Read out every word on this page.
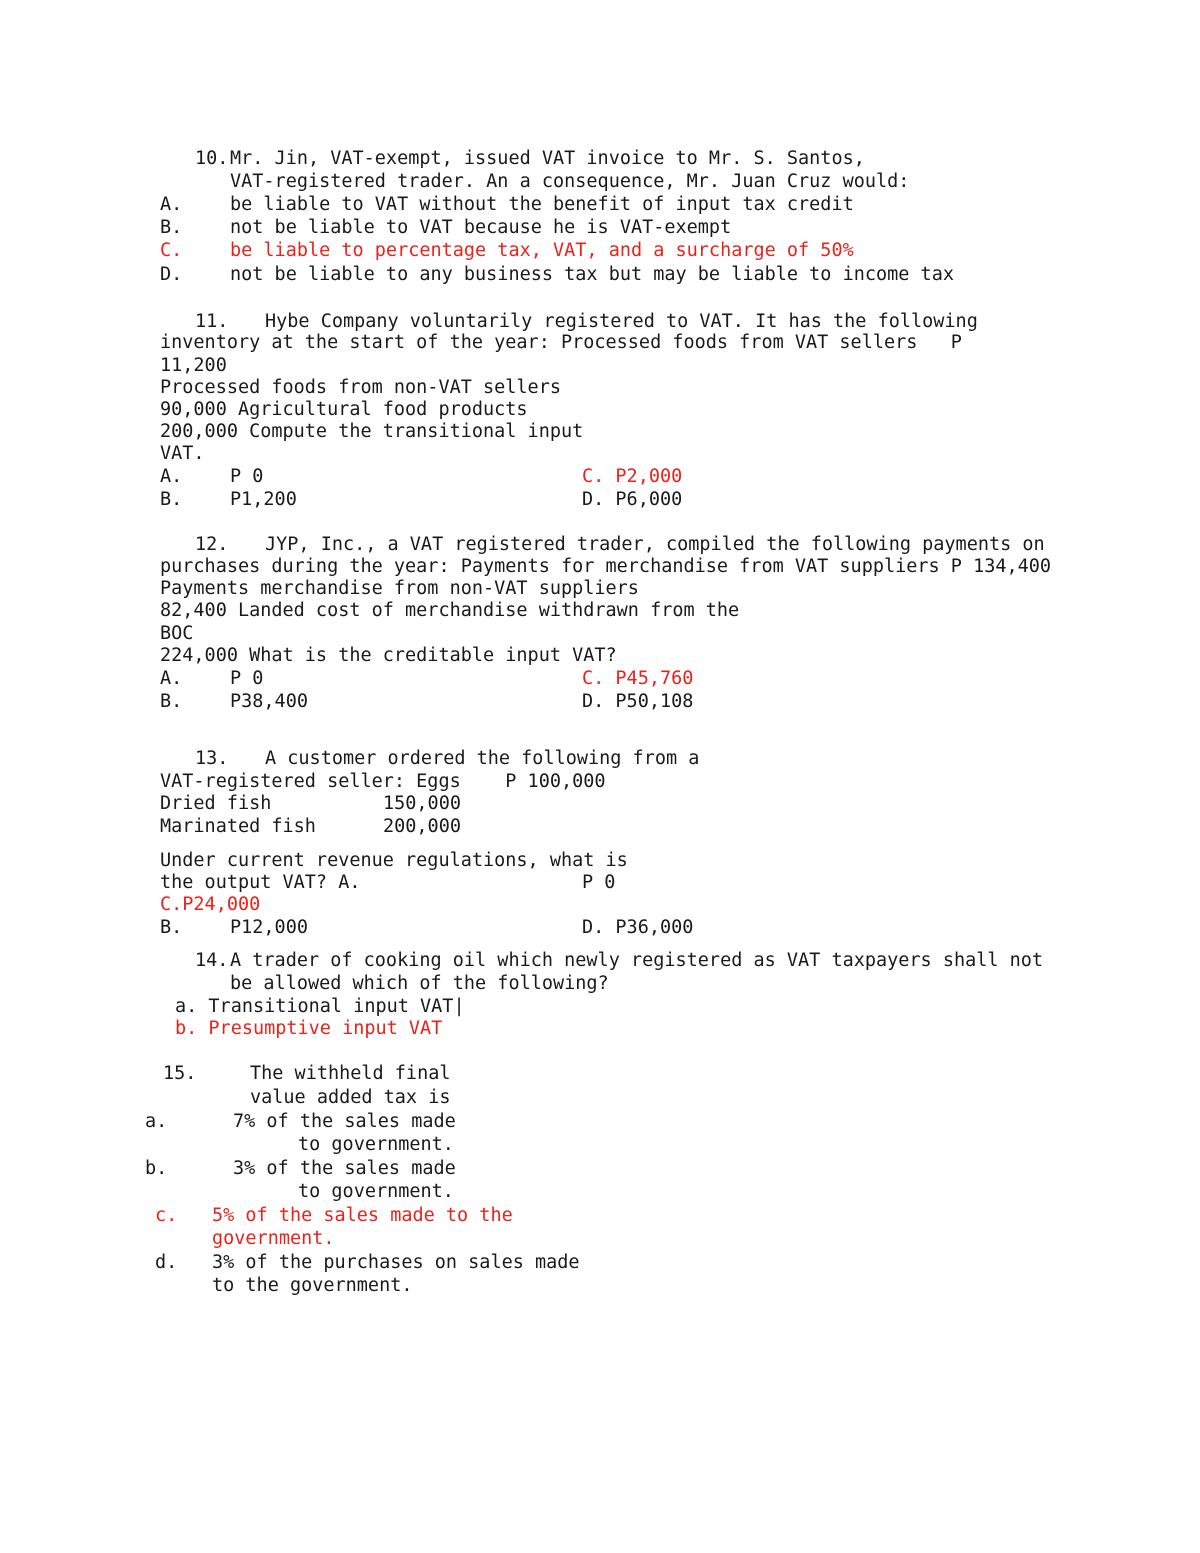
10. Mr. Jin, VAT-exempt, issued VAT invoice to Mr. S. Santos,
VAT-registered trader. An a consequence, Mr. Juan Cruz would:
A.	be liable to VAT without the benefit of input tax credit
B.	not be liable to VAT because he is VAT-exempt
C.	be liable to percentage tax, VAT, and a surcharge of 50%
D.	not be liable to any business tax but may be liable to income tax
11. Hybe Company voluntarily registered to VAT. It has the following
inventory at the start of the year: Processed foods from VAT sellers   P
11,200
Processed foods from non-VAT sellers
90,000 Agricultural food products
200,000 Compute the transitional input
VAT.
A.	P 0	C. P2,000
B.	P1,200	D. P6,000
12. JYP, Inc., a VAT registered trader, compiled the following payments on
purchases during the year: Payments for merchandise from VAT suppliers P 134,400
Payments merchandise from non-VAT suppliers
82,400 Landed cost of merchandise withdrawn from the
BOC
224,000 What is the creditable input VAT?
A.	P 0	C. P45,760
B.	P38,400	D. P50,108
13. A customer ordered the following from a
VAT-registered seller: Eggs    P 100,000
Dried fish	150,000
Marinated fish	200,000
Under current revenue regulations, what is
the output VAT? A.	P 0
C.P24,000
B.	P12,000	D. P36,000
14. A trader of cooking oil which newly registered as VAT taxpayers shall not
be allowed which of the following?
a. Transitional input VAT|
b. Presumptive input VAT
15.	The withheld final
value added tax is
a.	7% of the sales made
to government.
b.	3% of the sales made
to government.
c. 5% of the sales made to the
government.
d. 3% of the purchases on sales made
to the government.
